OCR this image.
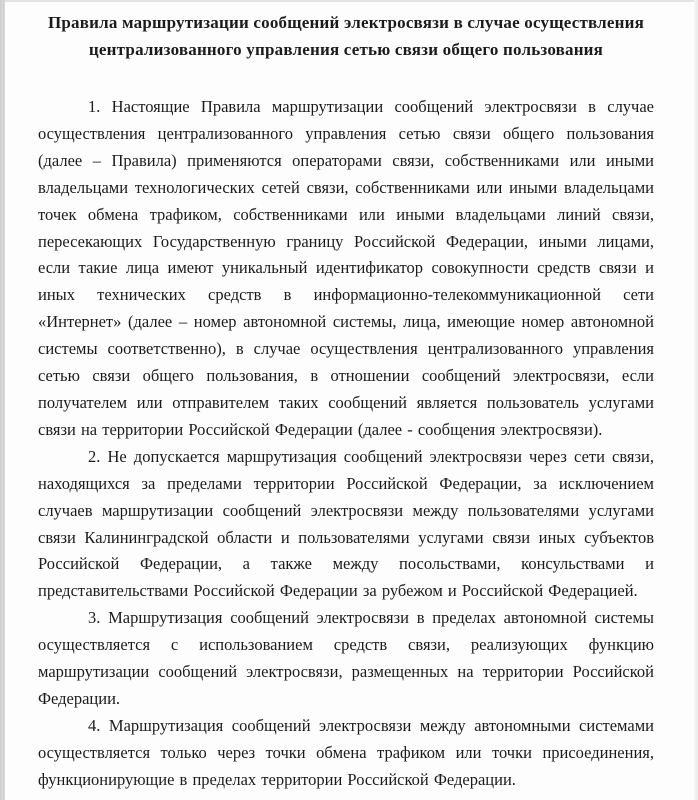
Правила маршрутизации сообщений электросвязи в случае осуществления
централизованного управления сетью связи общего пользования

1. Настоящие Правила маршрутизации сообщений электросвязи в случае осуществления централизованного управления сетью связи общего пользования (далее – Правила) применяются операторами связи, собственниками или иными владельцами технологических сетей связи, собственниками или иными владельцами точек обмена трафиком, собственниками или иными владельцами линий связи, пересекающих Государственную границу Российской Федерации, иными лицами, если такие лица имеют уникальный идентификатор совокупности средств связи и иных технических средств в информационно-телекоммуникационной сети «Интернет» (далее – номер автономной системы, лица, имеющие номер автономной системы соответственно), в случае осуществления централизованного управления сетью связи общего пользования, в отношении сообщений электросвязи, если получателем или отправителем таких сообщений является пользователь услугами связи на территории Российской Федерации (далее - сообщения электросвязи).

2. Не допускается маршрутизация сообщений электросвязи через сети связи, находящихся за пределами территории Российской Федерации, за исключением случаев маршрутизации сообщений электросвязи между пользователями услугами связи Калининградской области и пользователями услугами связи иных субъектов Российской Федерации, а также между посольствами, консульствами и представительствами Российской Федерации за рубежом и Российской Федерацией.

3. Маршрутизация сообщений электросвязи в пределах автономной системы осуществляется с использованием средств связи, реализующих функцию маршрутизации сообщений электросвязи, размещенных на территории Российской Федерации.

4. Маршрутизация сообщений электросвязи между автономными системами осуществляется только через точки обмена трафиком или точки присоединения, функционирующие в пределах территории Российской Федерации.
